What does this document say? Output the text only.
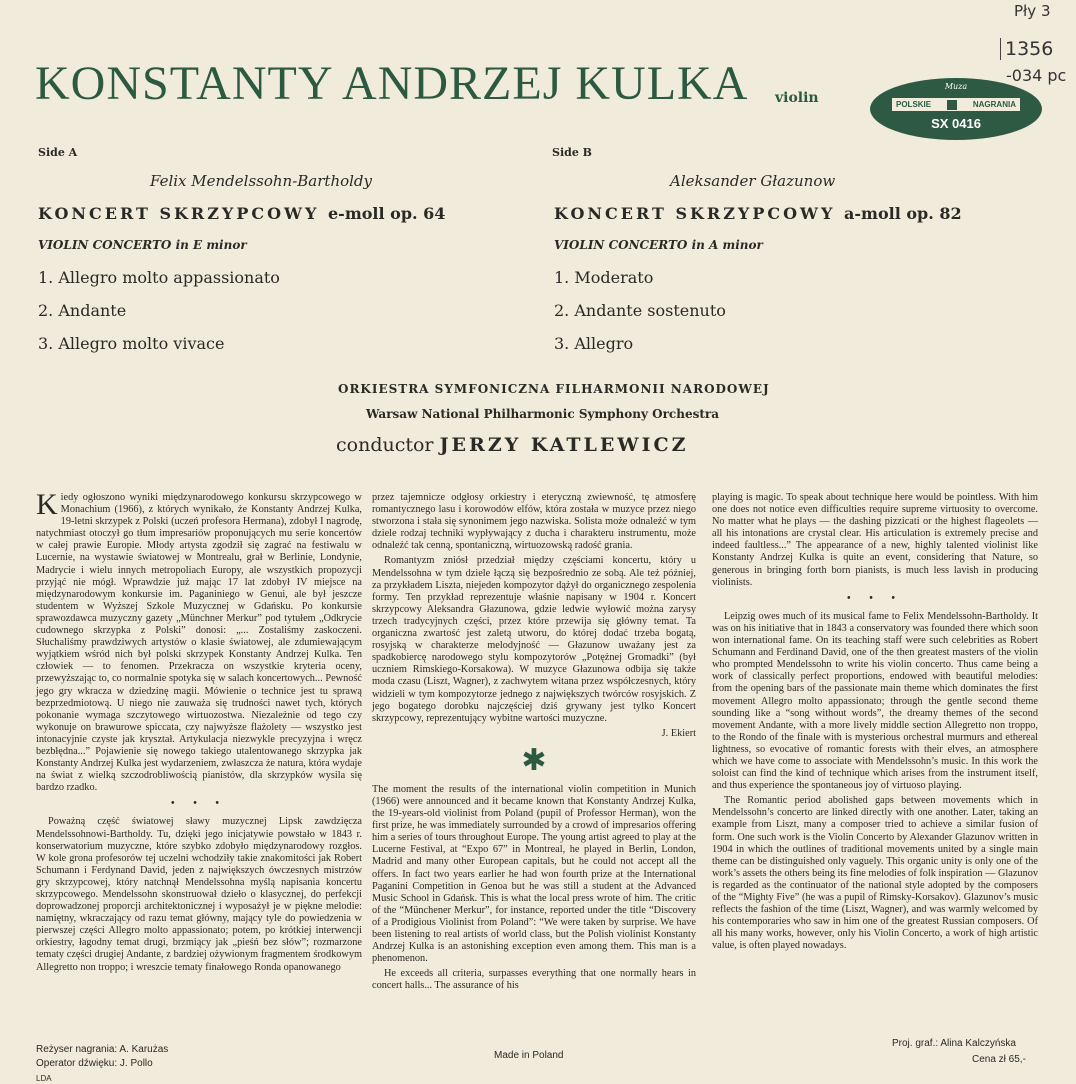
KONSTANTY ANDRZEJ KULKA violin
Muza
POLSKIE	NAGRANIA
SX 0416
Pły 3
1356
-034 pc
Side A
Felix Mendelssohn-Bartholdy
KONCERT SKRZYPCOWY e-moll op. 64
VIOLIN CONCERTO in E minor
1. Allegro molto appassionato
2. Andante
3. Allegro molto vivace
Side B
Aleksander Głazunow
KONCERT SKRZYPCOWY a-moll op. 82
VIOLIN CONCERTO in A minor
1. Moderato
2. Andante sostenuto
3. Allegro
ORKIESTRA SYMFONICZNA FILHARMONII NARODOWEJ
Warsaw National Philharmonic Symphony Orchestra
conductor JERZY KATLEWICZ

Kiedy ogłoszono wyniki międzynarodowego konkursu skrzypcowego w Monachium (1966), z których wynikało, że Konstanty Andrzej Kulka, 19-letni skrzypek z Polski (uczeń profesora Hermana), zdobył I nagrodę, natychmiast otoczył go tłum impresariów proponujących mu serie koncertów w całej prawie Europie. Młody artysta zgodził się zagrać na festiwalu w Lucernie, na wystawie światowej w Montrealu, grał w Berlinie, Londynie, Madrycie i wielu innych metropoliach Europy, ale wszystkich propozycji przyjąć nie mógł. Wprawdzie już mając 17 lat zdobył IV miejsce na międzynarodowym konkursie im. Paganiniego w Genui, ale był jeszcze studentem w Wyższej Szkole Muzycznej w Gdańsku. Po konkursie sprawozdawca muzyczny gazety „Münchner Merkur” pod tytułem „Odkrycie cudownego skrzypka z Polski” donosi: „... Zostaliśmy zaskoczeni. Słuchaliśmy prawdziwych artystów o klasie światowej, ale zdumiewającym wyjątkiem wśród nich był polski skrzypek Konstanty Andrzej Kulka. Ten człowiek — to fenomen. Przekracza on wszystkie kryteria oceny, przewyższając to, co normalnie spotyka się w salach koncertowych... Pewność jego gry wkracza w dziedzinę magii. Mówienie o technice jest tu sprawą bezprzedmiotową. U niego nie zauważa się trudności nawet tych, których pokonanie wymaga szczytowego wirtuozostwa. Niezależnie od tego czy wykonuje on brawurowe spiccata, czy najwyższe flażolety — wszystko jest intonacyjnie czyste jak kryształ. Artykulacja niezwykle precyzyjna i wręcz bezbłędna...” Pojawienie się nowego takiego utalentowanego skrzypka jak Konstanty Andrzej Kulka jest wydarzeniem, zwłaszcza że natura, która wydaje na świat z wielką szczodrobliwością pianistów, dla skrzypków wysila się bardzo rzadko.

• • •

Poważną część światowej sławy muzycznej Lipsk zawdzięcza Mendelssohnowi-Bartholdy. Tu, dzięki jego inicjatywie powstało w 1843 r. konserwatorium muzyczne, które szybko zdobyło międzynarodowy rozgłos. W kole grona profesorów tej uczelni wchodziły takie znakomitości jak Robert Schumann i Ferdynand David, jeden z największych ówczesnych mistrzów gry skrzypcowej, który natchnął Mendelssohna myślą napisania koncertu skrzypcowego. Mendelssohn skonstruował dzieło o klasycznej, do perfekcji doprowadzonej proporcji architektonicznej i wyposażył je w piękne melodie: namiętny, wkraczający od razu temat główny, mający tyle do powiedzenia w pierwszej części Allegro molto appassionato; potem, po krótkiej interwencji orkiestry, łagodny temat drugi, brzmiący jak „pieśń bez słów”; rozmarzone tematy części drugiej Andante, z bardziej ożywionym fragmentem środkowym Allegretto non troppo; i wreszcie tematy finałowego Ronda opanowanego

przez tajemnicze odgłosy orkiestry i eteryczną zwiewność, tę atmosferę romantycznego lasu i korowodów elfów, która została w muzyce przez niego stworzona i stała się synonimem jego nazwiska. Solista może odnaleźć w tym dziele rodzaj techniki wypływający z ducha i charakteru instrumentu, może odnaleźć tak cenną, spontaniczną, wirtuozowską radość grania.

Romantyzm zniósł przedział między częściami koncertu, który u Mendelssohna w tym dziele łączą się bezpośrednio ze sobą. Ale też później, za przykładem Liszta, niejeden kompozytor dążył do organicznego zespolenia formy. Ten przykład reprezentuje właśnie napisany w 1904 r. Koncert skrzypcowy Aleksandra Głazunowa, gdzie ledwie wyłowić można zarysy trzech tradycyjnych części, przez które przewija się główny temat. Ta organiczna zwartość jest zaletą utworu, do której dodać trzeba bogatą, rosyjską w charakterze melodyjność — Głazunow uważany jest za spadkobiercę narodowego stylu kompozytorów „Potężnej Gromadki” (był uczniem Rimskiego-Korsakowa). W muzyce Głazunowa odbija się także moda czasu (Liszt, Wagner), z zachwytem witana przez współczesnych, który widzieli w tym kompozytorze jednego z największych twórców rosyjskich. Z jego bogatego dorobku najczęściej dziś grywany jest tylko Koncert skrzypcowy, reprezentujący wybitne wartości muzyczne.

J. Ekiert
✱

The moment the results of the international violin competition in Munich (1966) were announced and it became known that Konstanty Andrzej Kulka, the 19-years-old violinist from Poland (pupil of Professor Herman), won the first prize, he was immediately surrounded by a crowd of impresarios offering him a series of tours throughout Europe. The young artist agreed to play at the Lucerne Festival, at “Expo 67” in Montreal, he played in Berlin, London, Madrid and many other European capitals, but he could not accept all the offers. In fact two years earlier he had won fourth prize at the International Paganini Competition in Genoa but he was still a student at the Advanced Music School in Gdańsk. This is what the local press wrote of him. The critic of the “Münchener Merkur”, for instance, reported under the title “Discovery of a Prodigious Violinist from Poland”: “We were taken by surprise. We have been listening to real artists of world class, but the Polish violinist Konstanty Andrzej Kulka is an astonishing exception even among them. This man is a phenomenon.

He exceeds all criteria, surpasses everything that one normally hears in concert halls... The assurance of his

playing is magic. To speak about technique here would be pointless. With him one does not notice even difficulties require supreme virtuosity to overcome. No matter what he plays — the dashing pizzicati or the highest flageolets — all his intonations are crystal clear. His articulation is extremely precise and indeed faultless...” The appearance of a new, highly talented violinist like Konstanty Andrzej Kulka is quite an event, considering that Nature, so generous in bringing forth born pianists, is much less lavish in producing violinists.

• • •

Leipzig owes much of its musical fame to Felix Mendelssohn-Bartholdy. It was on his initiative that in 1843 a conservatory was founded there which soon won international fame. On its teaching staff were such celebrities as Robert Schumann and Ferdinand David, one of the then greatest masters of the violin who prompted Mendelssohn to write his violin concerto. Thus came being a work of classically perfect proportions, endowed with beautiful melodies: from the opening bars of the passionate main theme which dominates the first movement Allegro molto appassionato; through the gentle second theme sounding like a “song without words”, the dreamy themes of the second movement Andante, with a more lively middle section Allegretto non troppo, to the Rondo of the finale with is mysterious orchestral murmurs and ethereal lightness, so evocative of romantic forests with their elves, an atmosphere which we have come to associate with Mendelssohn’s music. In this work the soloist can find the kind of technique which arises from the instrument itself, and thus experience the spontaneous joy of virtuoso playing.

The Romantic period abolished gaps between movements which in Mendelssohn’s concerto are linked directly with one another. Later, taking an example from Liszt, many a composer tried to achieve a similar fusion of form. One such work is the Violin Concerto by Alexander Glazunov written in 1904 in which the outlines of traditional movements united by a single main theme can be distinguished only vaguely. This organic unity is only one of the work’s assets the others being its fine melodies of folk inspiration — Glazunov is regarded as the continuator of the national style adopted by the composers of the “Mighty Five” (he was a pupil of Rimsky-Korsakov). Glazunov’s music reflects the fashion of the time (Liszt, Wagner), and was warmly welcomed by his contemporaries who saw in him one of the greatest Russian composers. Of all his many works, however, only his Violin Concerto, a work of high artistic value, is often played nowadays.

Reżyser nagrania: A. Karużas
Operator dźwięku: J. Pollo
LDA
Made in Poland
Proj. graf.: Alina Kalczyńska
Cena zł 65,-
